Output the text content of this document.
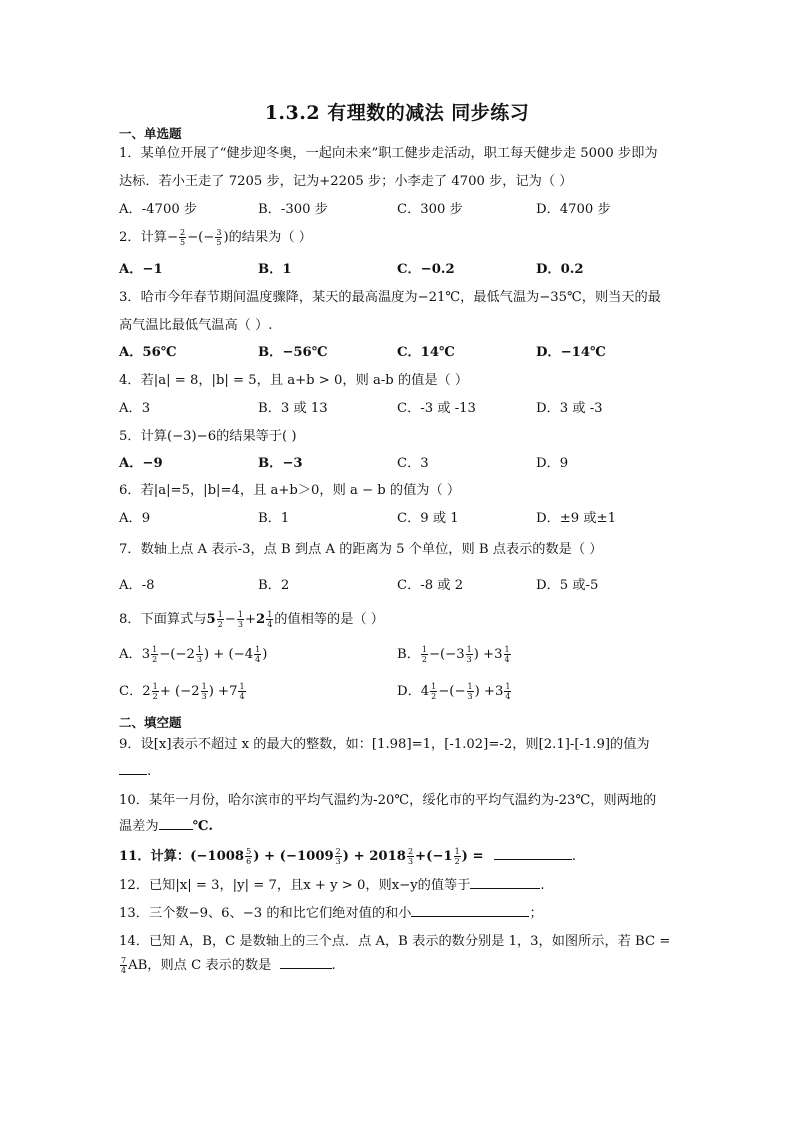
1.3.2 有理数的减法 同步练习
一、单选题
1．某单位开展了“健步迎冬奥，一起向未来”职工健步走活动，职工每天健步走 5000 步即为
达标．若小王走了 7205 步，记为+2205 步；小李走了 4700 步，记为（ ）
A．-4700 步	B．-300 步	C．300 步	D．4700 步
2．计算− $\frac{2}{5}$ −(− $\frac{3}{5}$ )的结果为（ ）
A．−1	B．1	C．−0.2	D．0.2
3．哈市今年春节期间温度骤降，某天的最高温度为−21℃，最低气温为−35℃，则当天的最
高气温比最低气温高（ ）.
A．56℃	B．−56℃	C．14℃	D．−14℃
4．若|a| = 8，|b| = 5，且 a+b > 0，则 a-b 的值是（ ）
A．3	B．3 或 13	C．-3 或 -13	D．3 或 -3
5．计算(−3)−6的结果等于( )
A．−9	B．−3	C．3	D．9
6．若|a|=5，|b|=4，且 a+b＞0，则 a − b 的值为（ ）
A．9	B．1	C．9 或 1	D．±9 或±1
7．数轴上点 A 表示-3，点 B 到点 A 的距离为 5 个单位，则 B 点表示的数是（ ）
A．-8	B．2	C．-8 或 2	D．5 或-5
8．下面算式与$5 \frac{1}{2} - \frac{1}{3} +2 \frac{1}{4}$ 的值相等的是（ ）
A．$3 \frac{1}{2} -(-2 \frac{1}{3}$ ) + ($-4 \frac{1}{4}$ )	B． $\frac{1}{2} -(-3 \frac{1}{3}$ ) $+3 \frac{1}{4}$
C．$2 \frac{1}{2} + (-2 \frac{1}{3}$ ) $+7 \frac{1}{4}$	D．$4 \frac{1}{2}$ −(− $\frac{1}{3}$ ) $+3 \frac{1}{4}$
二、填空题
9．设[x]表示不超过 x 的最大的整数，如：[1.98]=1，[-1.02]=-2，则[2.1]-[-1.9]的值为
.
10．某年一月份，哈尔滨市的平均气温约为-20℃，绥化市的平均气温约为-23℃，则两地的
温差为	℃.
11．计算：($-1008 \frac{5}{6}$ ) + ($-1009 \frac{2}{3}$ ) + $2018 \frac{2}{3} +(-1 \frac{1}{2}$ ) =	.
12．已知|x| = 3，|y| = 7，且x + y > 0，则x−y的值等于	.
13．三个数−9、6、−3 的和比它们绝对值的和小	；
14．已知 A，B，C 是数轴上的三个点．点 A，B 表示的数分别是 1，3，如图所示，若 BC =
$\frac{7}{4}$ AB，则点 C 表示的数是	.
